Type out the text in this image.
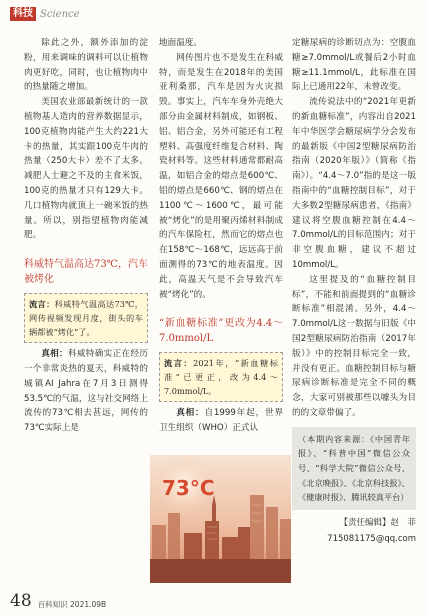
科技 Science

除此之外，额外添加的淀粉，用来调味的调料可以让植物肉更好吃，同时，也让植物肉中的热量随之增加。

美国农业部最新统计的一款植物基人造肉的营养数据显示，100克植物肉能产生大约221大卡的热量，其实跟100克牛肉的热量（250大卡）差不了太多。减肥人士避之不及的主食米饭，100克的热量才只有129大卡。几口植物肉就顶上一碗米饭的热量。所以，别指望植物肉能减肥。

科威特气温高达73℃，汽车被烤化
流言：科威特气温高达73℃，网传视频发现月度，街头的车辆都被“烤化”了。

真相：科威特确实正在经历一个非常炎热的夏天，科威特的城镇AI Jahra在7月3日测得53.5℃的气温，这与社交网络上流传的73℃相去甚远，网传的73℃实际上是

地面温度。

网传图片也不是发生在科威特，而是发生在2018年的美国亚利桑那，汽车是因为火灾损毁。事实上，汽车车身外壳绝大部分由金属材料制成，如钢板、铝、铝合金，另外可能还有工程塑料、高强度纤维复合材料、陶瓷材料等。这些材料通常都耐高温，如铝合金的熔点是600℃、铝的熔点是660℃、钢的熔点在1100℃～1600℃，最可能被“烤化”的是用聚丙烯材料制成的汽车保险杠，然而它的熔点也在158℃～168℃，远远高于前面测得的73℃的地表温度。因此，高温天气是不会导致汽车被“烤化”的。

“新血糖标准”更改为4.4～7.0mmol/L
流言：2021年，“新血糖标准”已更正，改为4.4～7.0mmol/L。

真相：自1999年起，世界卫生组织（WHO）正式认

73°C

定糖尿病的诊断切点为：空腹血糖≥7.0mmol/L或餐后2小时血糖≥11.1mmol/L，此标准在国际上已通用22年，未曾改变。

流传说法中的“2021年更新的新血糖标准”，内容出自2021年中华医学会糖尿病学分会发布的最新版《中国2型糖尿病防治指南（2020年版）》（简称《指南》）。“4.4～7.0”指的是这一版指南中的“血糖控制目标”，对于大多数2型糖尿病患者，《指南》建议将空腹血糖控制在4.4～7.0mmol/L的目标范围内；对于非空腹血糖，建议不超过10mmol/L。

这里提及的“血糖控制目标”，不能和前面提到的“血糖诊断标准”相混淆。另外，4.4～7.0mmol/L这一数据与旧版《中国2型糖尿病防治指南（2017年版）》中的控制目标完全一致，并没有更正。血糖控制目标与糖尿病诊断标准是完全不同的概念，大家可别被那些以噱头为目的的文章带偏了。

（本期内容来源：《中国青年报》、“科普中国”微信公众号、“科学大院”微信公众号、《北京晚报》、《北京科技报》、《健康时报》、腾讯较真平台）
【责任编辑】赵　菲
715081175@qq.com
48 百科知识 2021.09B
